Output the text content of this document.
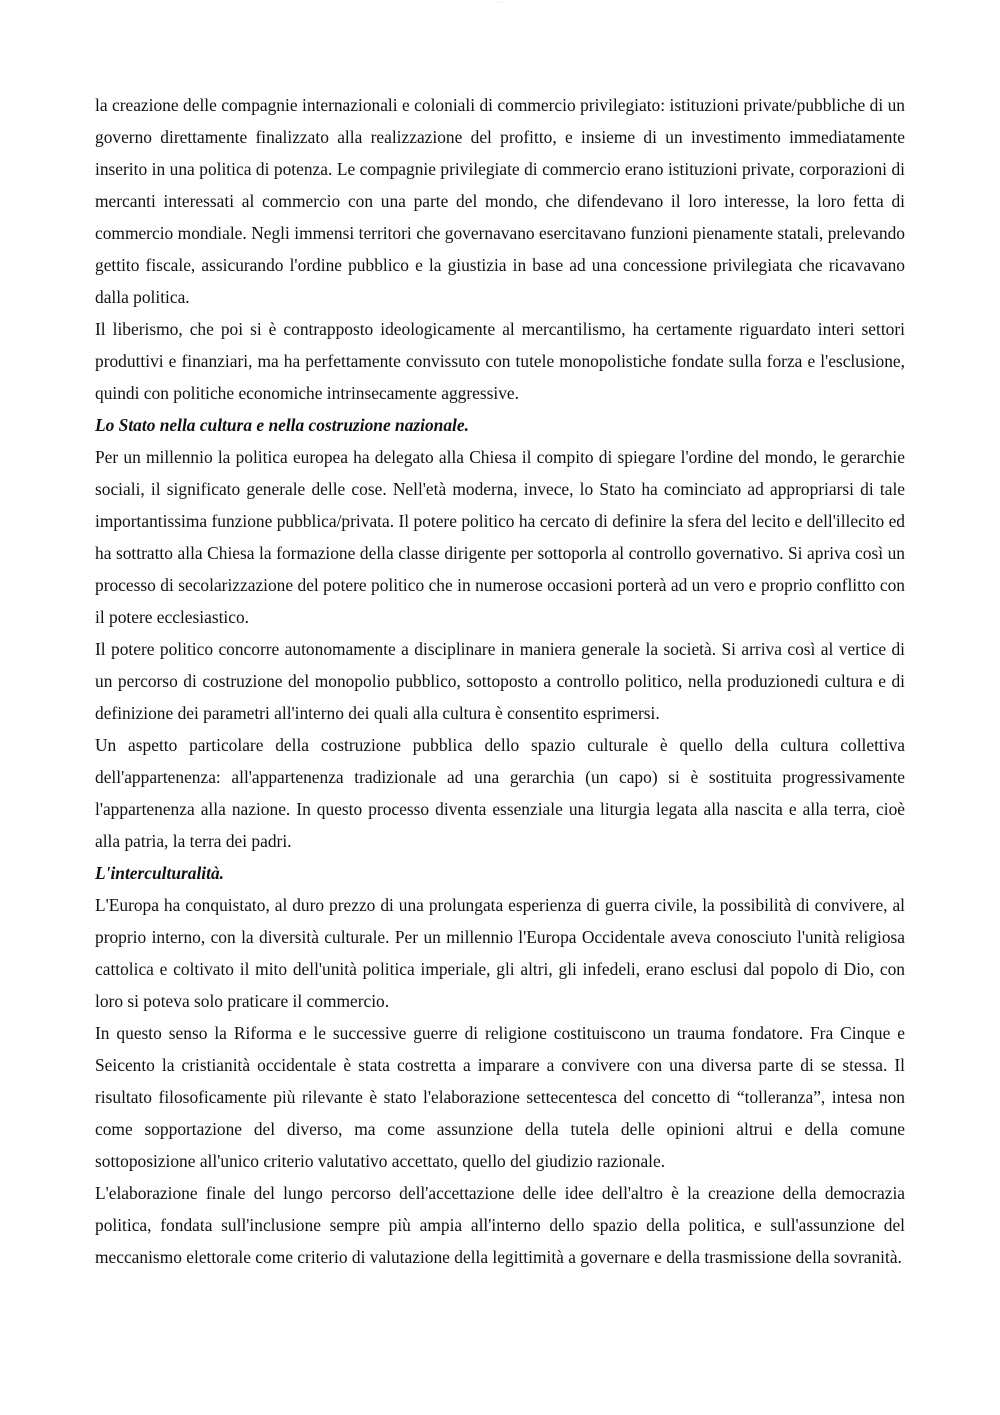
......

la creazione delle compagnie internazionali e coloniali di commercio privilegiato: istituzioni private/pubbliche di un governo direttamente finalizzato alla realizzazione del profitto, e insieme di un investimento immediatamente inserito in una politica di potenza. Le compagnie privilegiate di commercio erano istituzioni private, corporazioni di mercanti interessati al commercio con una parte del mondo, che difendevano il loro interesse, la loro fetta di commercio mondiale. Negli immensi territori che governavano esercitavano funzioni pienamente statali, prelevando gettito fiscale, assicurando l'ordine pubblico e la giustizia in base ad una concessione privilegiata che ricavavano dalla politica.

Il liberismo, che poi si è contrapposto ideologicamente al mercantilismo, ha certamente riguardato interi settori produttivi e finanziari, ma ha perfettamente convissuto con tutele monopolistiche fondate sulla forza e l'esclusione, quindi con politiche economiche intrinsecamente aggressive.

Lo Stato nella cultura e nella costruzione nazionale.

Per un millennio la politica europea ha delegato alla Chiesa il compito di spiegare l'ordine del mondo, le gerarchie sociali, il significato generale delle cose. Nell'età moderna, invece, lo Stato ha cominciato ad appropriarsi di tale importantissima funzione pubblica/privata. Il potere politico ha cercato di definire la sfera del lecito e dell'illecito ed ha sottratto alla Chiesa la formazione della classe dirigente per sottoporla al controllo governativo. Si apriva così un processo di secolarizzazione del potere politico che in numerose occasioni porterà ad un vero e proprio conflitto con il potere ecclesiastico.

Il potere politico concorre autonomamente a disciplinare in maniera generale la società. Si arriva così al vertice di un percorso di costruzione del monopolio pubblico, sottoposto a controllo politico, nella produzionedi cultura e di definizione dei parametri all'interno dei quali alla cultura è consentito esprimersi.

Un aspetto particolare della costruzione pubblica dello spazio culturale è quello della cultura collettiva dell'appartenenza: all'appartenenza tradizionale ad una gerarchia (un capo) si è sostituita progressivamente l'appartenenza alla nazione. In questo processo diventa essenziale una liturgia legata alla nascita e alla terra, cioè alla patria, la terra dei padri.

L'interculturalità.

L'Europa ha conquistato, al duro prezzo di una prolungata esperienza di guerra civile, la possibilità di convivere, al proprio interno, con la diversità culturale. Per un millennio l'Europa Occidentale aveva conosciuto l'unità religiosa cattolica e coltivato il mito dell'unità politica imperiale, gli altri, gli infedeli, erano esclusi dal popolo di Dio, con loro si poteva solo praticare il commercio.

In questo senso la Riforma e le successive guerre di religione costituiscono un trauma fondatore. Fra Cinque e Seicento la cristianità occidentale è stata costretta a imparare a convivere con una diversa parte di se stessa. Il risultato filosoficamente più rilevante è stato l'elaborazione settecentesca del concetto di “tolleranza”, intesa non come sopportazione del diverso, ma come assunzione della tutela delle opinioni altrui e della comune sottoposizione all'unico criterio valutativo accettato, quello del giudizio razionale.

L'elaborazione finale del lungo percorso dell'accettazione delle idee dell'altro è la creazione della democrazia politica, fondata sull'inclusione sempre più ampia all'interno dello spazio della politica, e sull'assunzione del meccanismo elettorale come criterio di valutazione della legittimità a governare e della trasmissione della sovranità.
